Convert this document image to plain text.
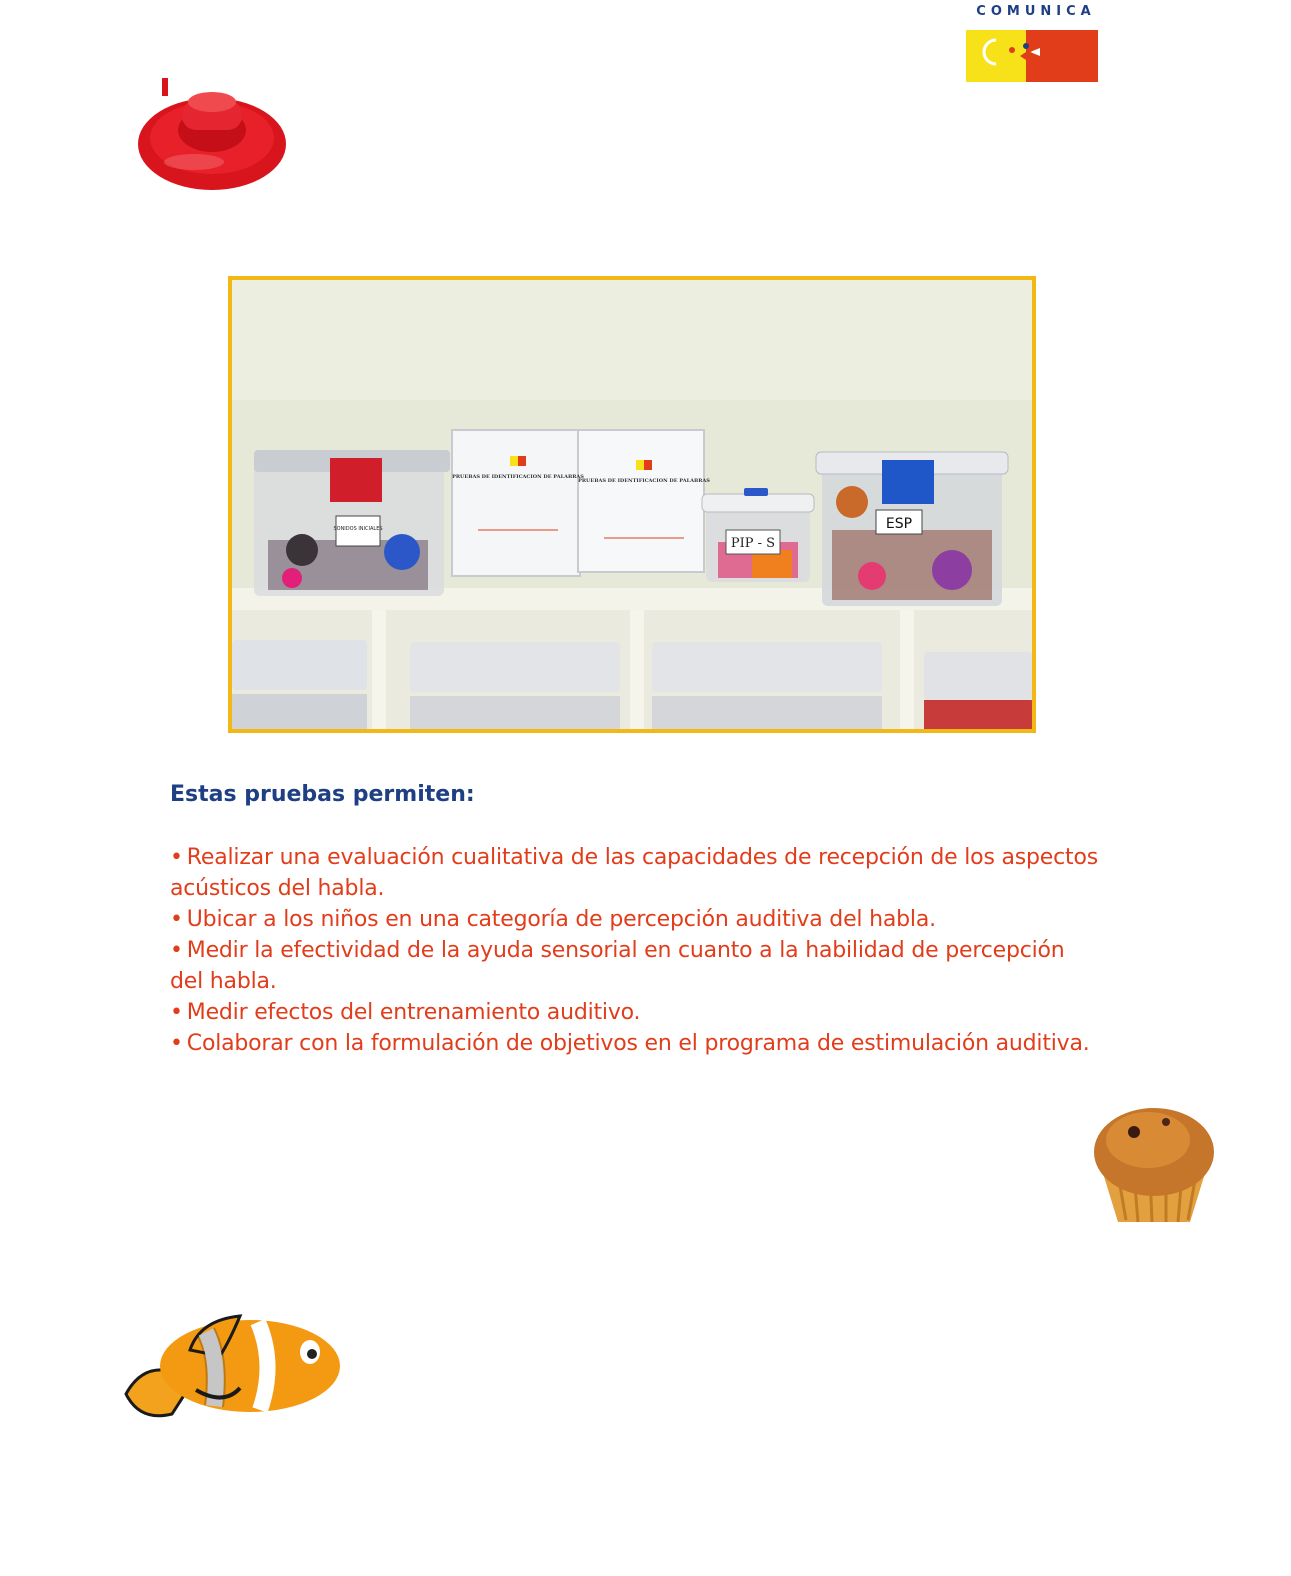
COMUNICA
SONIDOS INICIALES
PRUEBAS DE IDENTIFICACION DE PALABRAS
PRUEBAS DE IDENTIFICACION DE PALABRAS
PIP - S
ESP
Estas pruebas permiten:
• Realizar una evaluación cualitativa de las capacidades de recepción de los aspectos acústicos del habla.
• Ubicar a los niños en una categoría de percepción auditiva del habla.
• Medir la efectividad de la ayuda sensorial en cuanto a la habilidad de percepción del habla.
• Medir efectos del entrenamiento auditivo.
• Colaborar con la formulación de objetivos en el programa de estimulación auditiva.
